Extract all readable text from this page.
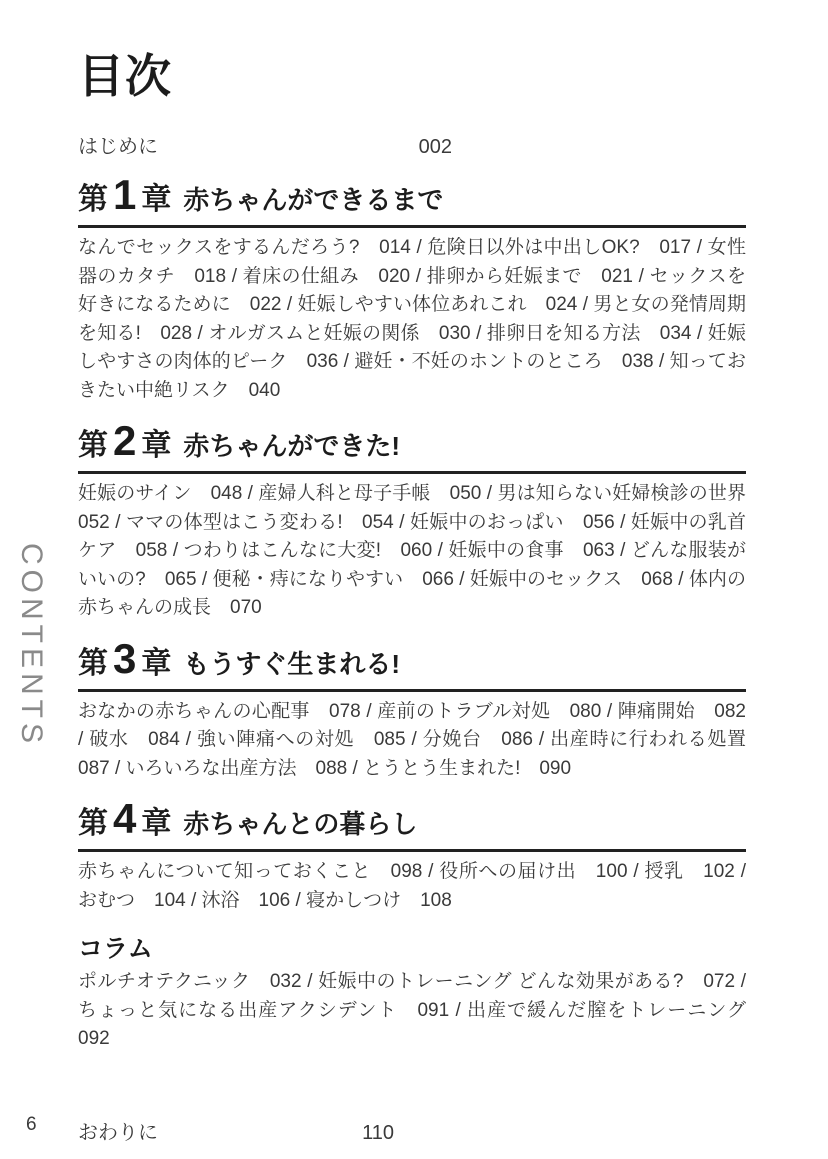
CONTENTS
目次
はじめに	002
第 1 章 赤ちゃんができるまで

なんでセックスをするんだろう?　014 / 危険日以外は中出しOK?　017 / 女性器のカタチ　018 / 着床の仕組み　020 / 排卵から妊娠まで　021 / セックスを好きになるために　022 / 妊娠しやすい体位あれこれ　024 / 男と女の発情周期を知る!　028 / オルガスムと妊娠の関係　030 / 排卵日を知る方法　034 / 妊娠しやすさの肉体的ピーク　036 / 避妊・不妊のホントのところ　038 / 知っておきたい中絶リスク　040

第 2 章 赤ちゃんができた!

妊娠のサイン　048 / 産婦人科と母子手帳　050 / 男は知らない妊婦検診の世界　052 / ママの体型はこう変わる!　054 / 妊娠中のおっぱい　056 / 妊娠中の乳首ケア　058 / つわりはこんなに大変!　060 / 妊娠中の食事　063 / どんな服装がいいの?　065 / 便秘・痔になりやすい　066 / 妊娠中のセックス　068 / 体内の赤ちゃんの成長　070

第 3 章 もうすぐ生まれる!

おなかの赤ちゃんの心配事　078 / 産前のトラブル対処　080 / 陣痛開始　082 / 破水　084 / 強い陣痛への対処　085 / 分娩台　086 / 出産時に行われる処置　087 / いろいろな出産方法　088 / とうとう生まれた!　090

第 4 章 赤ちゃんとの暮らし

赤ちゃんについて知っておくこと　098 / 役所への届け出　100 / 授乳　102 / おむつ　104 / 沐浴　106 / 寝かしつけ　108

コラム

ポルチオテクニック　032 / 妊娠中のトレーニング どんな効果がある?　072 / ちょっと気になる出産アクシデント　091 / 出産で緩んだ膣をトレーニング　092

おわりに	110
6
